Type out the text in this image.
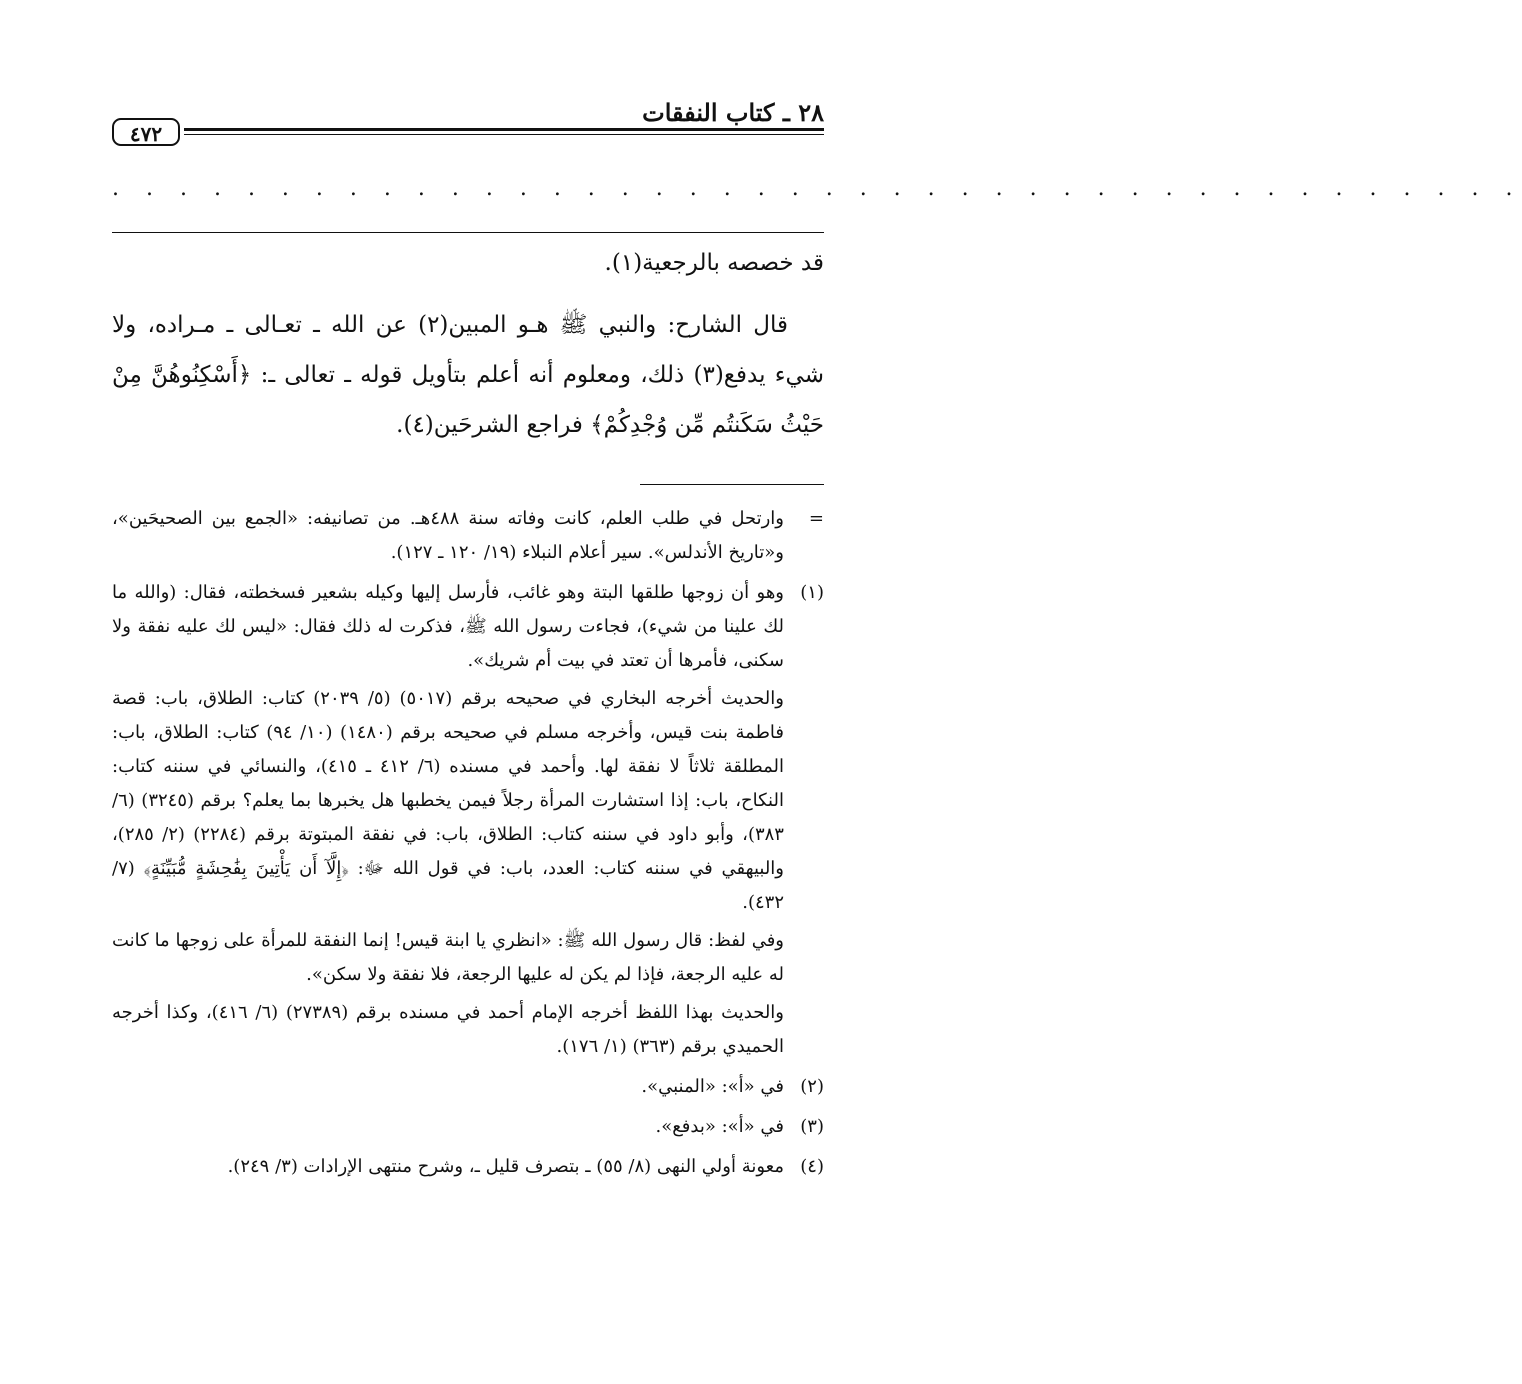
٢٨ ـ كتاب النفقات
٤٧٢
. . . . . . . . . . . . . . . . . . . . . . . . . . . . . . . . . . . . . . . . . .

قد خصصه بالرجعية(١).

قال الشارح: والنبي ﷺ هـو المبين(٢) عن الله ـ تعـالى ـ مـراده، ولا شيء يدفع(٣) ذلك، ومعلوم أنه أعلم بتأويل قوله ـ تعالى ـ: ﴿أَسْكِنُوهُنَّ مِنْ حَيْثُ سَكَنتُم مِّن وُجْدِكُمْ﴾ فراجع الشرحَين(٤).

=

وارتحل في طلب العلم، كانت وفاته سنة ٤٨٨هـ. من تصانيفه: «الجمع بين الصحيحَين»، و«تاريخ الأندلس». سير أعلام النبلاء (١٩/ ١٢٠ ـ ١٢٧).

(١)

وهو أن زوجها طلقها البتة وهو غائب، فأرسل إليها وكيله بشعير فسخطته، فقال: (والله ما لك علينا من شيء)، فجاءت رسول الله ﷺ، فذكرت له ذلك فقال: «ليس لك عليه نفقة ولا سكنى، فأمرها أن تعتد في بيت أم شريك».

والحديث أخرجه البخاري في صحيحه برقم (٥٠١٧) (٥/ ٢٠٣٩) كتاب: الطلاق، باب: قصة فاطمة بنت قيس، وأخرجه مسلم في صحيحه برقم (١٤٨٠) (١٠/ ٩٤) كتاب: الطلاق، باب: المطلقة ثلاثاً لا نفقة لها. وأحمد في مسنده (٦/ ٤١٢ ـ ٤١٥)، والنسائي في سننه كتاب: النكاح، باب: إذا استشارت المرأة رجلاً فيمن يخطبها هل يخبرها بما يعلم؟ برقم (٣٢٤٥) (٦/ ٣٨٣)، وأبو داود في سننه كتاب: الطلاق، باب: في نفقة المبتوتة برقم (٢٢٨٤) (٢/ ٢٨٥)، والبيهقي في سننه كتاب: العدد، باب: في قول الله ﷻ: ﴿إِلَّآ أَن يَأْتِينَ بِفَٰحِشَةٍ مُّبَيِّنَةٍ﴾ (٧/ ٤٣٢).

وفي لفظ: قال رسول الله ﷺ: «انظري يا ابنة قيس! إنما النفقة للمرأة على زوجها ما كانت له عليه الرجعة، فإذا لم يكن له عليها الرجعة، فلا نفقة ولا سكن».

والحديث بهذا اللفظ أخرجه الإمام أحمد في مسنده برقم (٢٧٣٨٩) (٦/ ٤١٦)، وكذا أخرجه الحميدي برقم (٣٦٣) (١/ ١٧٦).

(٢)

في «أ»: «المنبي».

(٣)

في «أ»: «بدفع».

(٤)

معونة أولي النهى (٨/ ٥٥) ـ بتصرف قليل ـ، وشرح منتهى الإرادات (٣/ ٢٤٩).
